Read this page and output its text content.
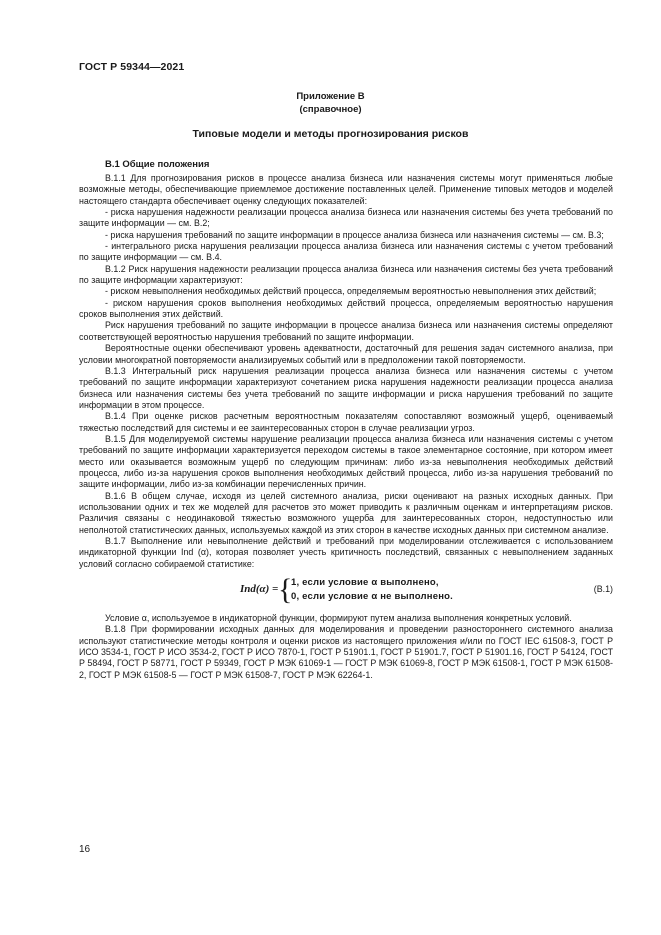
ГОСТ Р 59344—2021
Приложение В
(справочное)
Типовые модели и методы прогнозирования рисков
В.1 Общие положения

В.1.1 Для прогнозирования рисков в процессе анализа бизнеса или назначения системы могут применяться любые возможные методы, обеспечивающие приемлемое достижение поставленных целей. Применение типовых методов и моделей настоящего стандарта обеспечивает оценку следующих показателей:

- риска нарушения надежности реализации процесса анализа бизнеса или назначения системы без учета требований по защите информации — см. В.2;

- риска нарушения требований по защите информации в процессе анализа бизнеса или назначения системы — см. В.3;

- интегрального риска нарушения реализации процесса анализа бизнеса или назначения системы с учетом требований по защите информации — см. В.4.

В.1.2 Риск нарушения надежности реализации процесса анализа бизнеса или назначения системы без учета требований по защите информации характеризуют:

- риском невыполнения необходимых действий процесса, определяемым вероятностью невыполнения этих действий;

- риском нарушения сроков выполнения необходимых действий процесса, определяемым вероятностью нарушения сроков выполнения этих действий.

Риск нарушения требований по защите информации в процессе анализа бизнеса или назначения системы определяют соответствующей вероятностью нарушения требований по защите информации.

Вероятностные оценки обеспечивают уровень адекватности, достаточный для решения задач системного анализа, при условии многократной повторяемости анализируемых событий или в предположении такой повторяемости.

В.1.3 Интегральный риск нарушения реализации процесса анализа бизнеса или назначения системы с учетом требований по защите информации характеризуют сочетанием риска нарушения надежности реализации процесса анализа бизнеса или назначения системы без учета требований по защите информации и риска нарушения требований по защите информации в этом процессе.

В.1.4 При оценке рисков расчетным вероятностным показателям сопоставляют возможный ущерб, оцениваемый тяжестью последствий для системы и ее заинтересованных сторон в случае реализации угроз.

В.1.5 Для моделируемой системы нарушение реализации процесса анализа бизнеса или назначения системы с учетом требований по защите информации характеризуется переходом системы в такое элементарное состояние, при котором имеет место или оказывается возможным ущерб по следующим причинам: либо из-за невыполнения необходимых действий процесса, либо из-за нарушения сроков выполнения необходимых действий процесса, либо из-за нарушения требований по защите информации, либо из-за комбинации перечисленных причин.

В.1.6 В общем случае, исходя из целей системного анализа, риски оценивают на разных исходных данных. При использовании одних и тех же моделей для расчетов это может приводить к различным оценкам и интерпретациям рисков. Различия связаны с неодинаковой тяжестью возможного ущерба для заинтересованных сторон, недоступностью или неполнотой статистических данных, используемых каждой из этих сторон в качестве исходных данных при системном анализе.

В.1.7 Выполнение или невыполнение действий и требований при моделировании отслеживается с использованием индикаторной функции Ind (α), которая позволяет учесть критичность последствий, связанных с невыполнением заданных условий согласно собираемой статистике:

Ind(α) = {
1, если условие α выполнено,
0, если условие α не выполнено.
(В.1)

Условие α, используемое в индикаторной функции, формируют путем анализа выполнения конкретных условий.

В.1.8 При формировании исходных данных для моделирования и проведении разностороннего системного анализа используют статистические методы контроля и оценки рисков из настоящего приложения и/или по ГОСТ IEC 61508-3, ГОСТ Р ИСО 3534-1, ГОСТ Р ИСО 3534-2, ГОСТ Р ИСО 7870-1, ГОСТ Р 51901.1, ГОСТ Р 51901.7, ГОСТ Р 51901.16, ГОСТ Р 54124, ГОСТ Р 58494, ГОСТ Р 58771, ГОСТ Р 59349, ГОСТ Р МЭК 61069-1 — ГОСТ Р МЭК 61069-8, ГОСТ Р МЭК 61508-1, ГОСТ Р МЭК 61508-2, ГОСТ Р МЭК 61508-5 — ГОСТ Р МЭК 61508-7, ГОСТ Р МЭК 62264-1.

16
